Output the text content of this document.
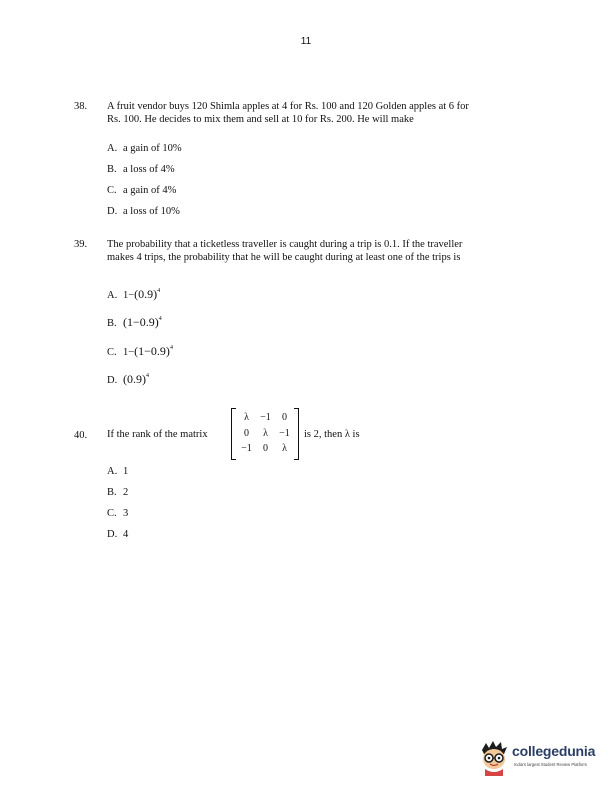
11
38. A fruit vendor buys 120 Shimla apples at 4 for Rs. 100 and 120 Golden apples at 6 for
Rs. 100. He decides to mix them and sell at 10 for Rs. 200. He will make
A. a gain of 10%
B. a loss of 4%
C. a gain of 4%
D. a loss of 10%
39. The probability that a ticketless traveller is caught during a trip is 0.1. If the traveller
makes 4 trips, the probability that he will be caught during at least one of the trips is
A. $1-(0.9)^4$
B. $(1-0.9)^4$
C. $1-(1-0.9)^4$
D. $(0.9)^4$
40. If the rank of the matrix
λ	−1	0
0	λ	−1
−1	0	λ
is 2, then λ is
A. 1
B. 2
C. 3
D. 4
collegedunia
India's largest Student Review Platform
